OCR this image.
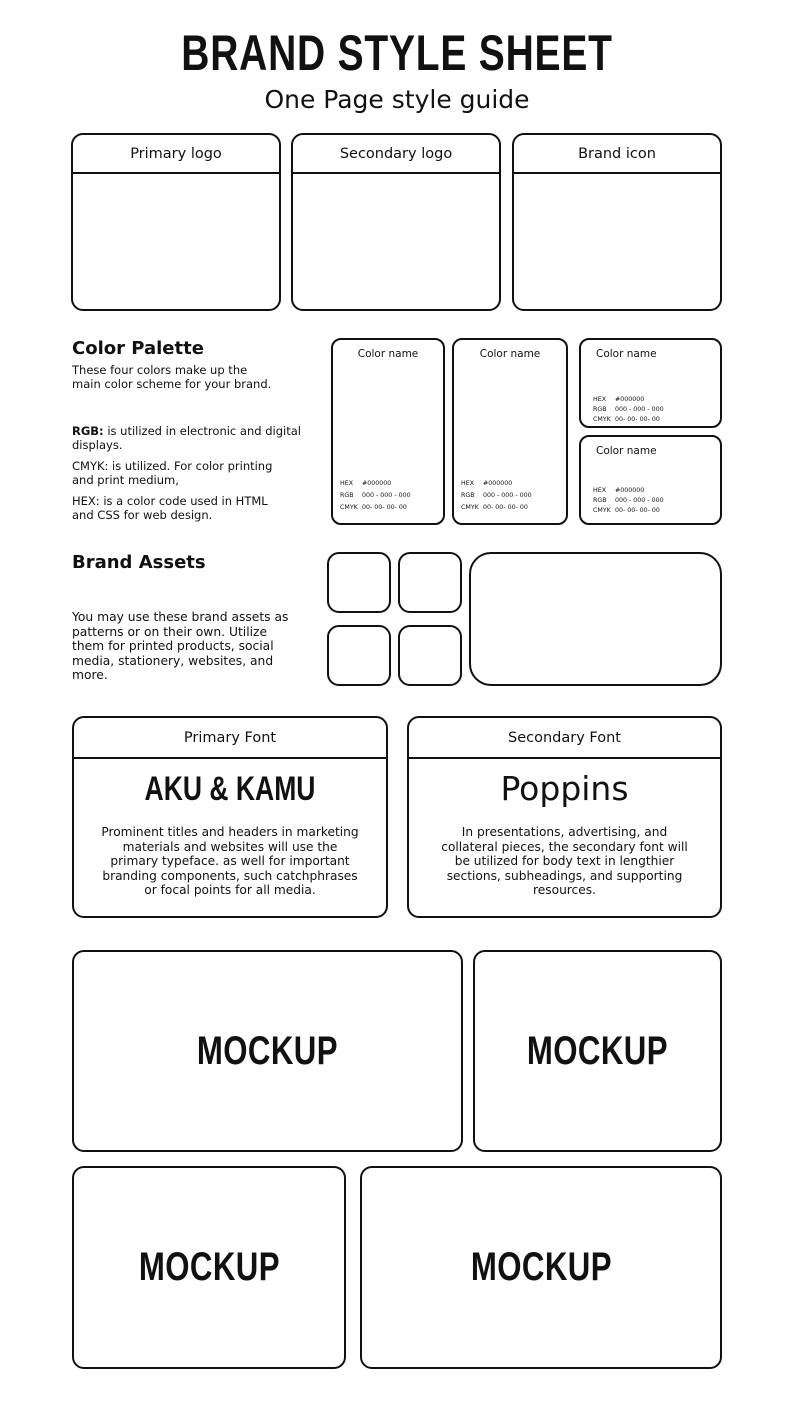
BRAND STYLE SHEET
One Page style guide
Primary logo	Secondary logo	Brand icon
Color Palette
These four colors make up the
main color scheme for your brand.
RGB: is utilized in electronic and digital
displays.
CMYK: is utilized. For color printing
and print medium,
HEX: is a color code used in HTML
and CSS for web design.
Color name
HEX #000000
RGB 000 - 000 - 000
CMYK 00- 00- 00- 00
Color name
HEX #000000
RGB 000 - 000 - 000
CMYK 00- 00- 00- 00
Color name
HEX #000000
RGB 000 - 000 - 000
CMYK 00- 00- 00- 00
Color name
HEX #000000
RGB 000 - 000 - 000
CMYK 00- 00- 00- 00
Brand Assets
You may use these brand assets as
patterns or on their own. Utilize
them for printed products, social
media, stationery, websites, and
more.
Primary Font
AKU & KAMU
Prominent titles and headers in marketing materials and websites will use the primary typeface. as well for important branding components, such catchphrases or focal points for all media.
Secondary Font
Poppins
In presentations, advertising, and collateral pieces, the secondary font will be utilized for body text in lengthier sections, subheadings, and supporting resources.
MOCKUP	MOCKUP
MOCKUP	MOCKUP
